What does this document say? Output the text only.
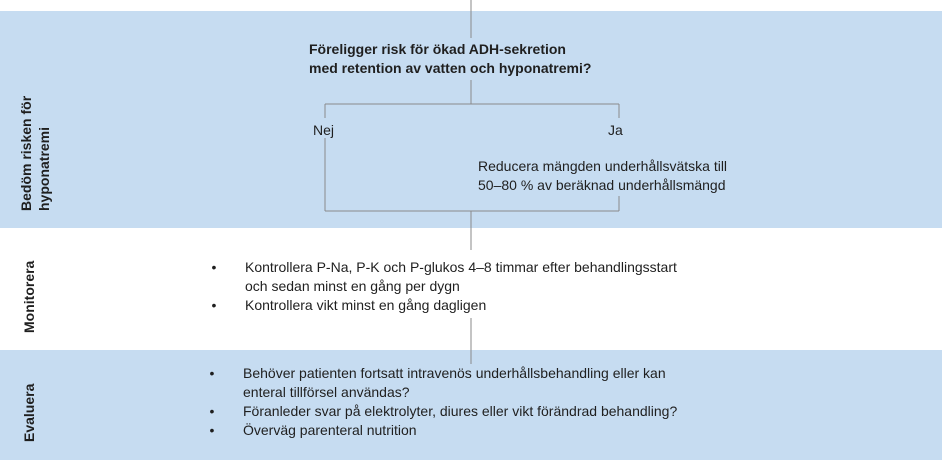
Bedöm risken för
hyponatremi
Monitorera
Evaluera
Föreligger risk för ökad ADH-sekretion
med retention av vatten och hyponatremi?
Nej	Ja
Reducera mängden underhållsvätska till
50–80 % av beräknad underhållsmängd
• Kontrollera P-Na, P-K och P-glukos 4–8 timmar efter behandlingsstart
och sedan minst en gång per dygn
• Kontrollera vikt minst en gång dagligen
• Behöver patienten fortsatt intravenös underhållsbehandling eller kan
enteral tillförsel användas?
• Föranleder svar på elektrolyter, diures eller vikt förändrad behandling?
• Överväg parenteral nutrition
